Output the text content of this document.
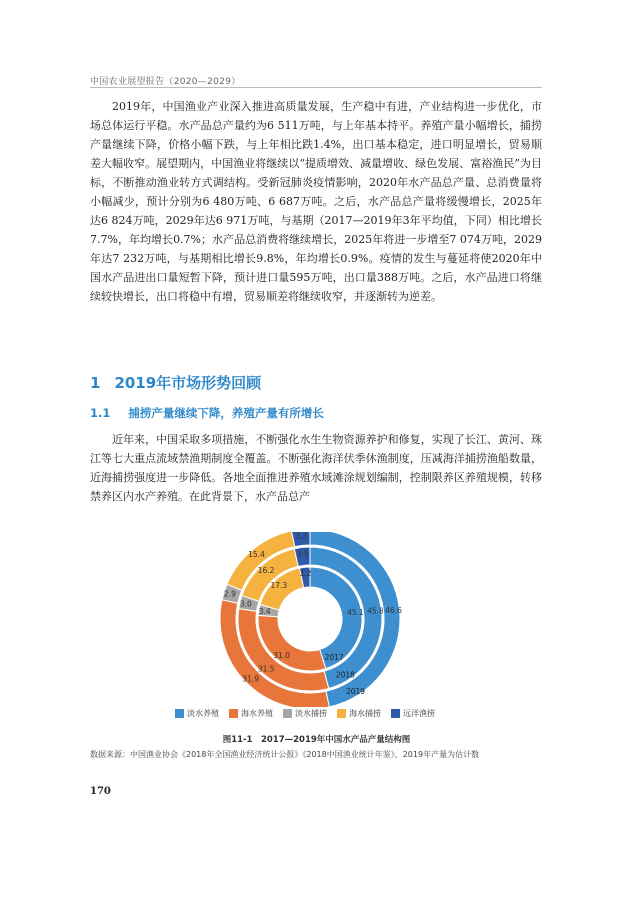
中国农业展望报告（2020—2029）

2019年，中国渔业产业深入推进高质量发展，生产稳中有进，产业结构进一步优化，市场总体运行平稳。水产品总产量约为6 511万吨，与上年基本持平。养殖产量小幅增长，捕捞产量继续下降，价格小幅下跌，与上年相比跌1.4%，出口基本稳定，进口明显增长，贸易顺差大幅收窄。展望期内，中国渔业将继续以“提质增效、减量增收、绿色发展、富裕渔民”为目标，不断推动渔业转方式调结构。受新冠肺炎疫情影响，2020年水产品总产量、总消费量将小幅减少，预计分别为6 480万吨、6 687万吨。之后，水产品总产量将缓慢增长，2025年达6 824万吨，2029年达6 971万吨，与基期（2017—2019年3年平均值，下同）相比增长7.7%，年均增长0.7%；水产品总消费将继续增长，2025年将进一步增至7 074万吨，2029年达7 232万吨，与基期相比增长9.8%，年均增长0.9%。疫情的发生与蔓延将使2020年中国水产品进出口量短暂下降，预计进口量595万吨，出口量388万吨。之后，水产品进口将继续较快增长，出口将稳中有增，贸易顺差将继续收窄，并逐渐转为逆差。

1 2019年市场形势回顾
1.1 捕捞产量继续下降，养殖产量有所增长

近年来，中国采取多项措施，不断强化水生生物资源养护和修复，实现了长江、黄河、珠江等七大重点流域禁渔期制度全覆盖。不断强化海洋伏季休渔制度，压减海洋捕捞渔船数量，近海捕捞强度进一步降低。各地全面推进养殖水域滩涂规划编制，控制限养区养殖规模，转移禁养区内水产养殖。在此背景下，水产品总产

45.1
31.0
3.4
17.3
3.2
2017
45.8
31.5
3.0
16.2
3.5
2018
46.6
31.9
2.9
15.4
3.3
2019
淡水养殖	海水养殖	淡水捕捞	海水捕捞	远洋渔捞
图11-1　2017—2019年中国水产品产量结构图
数据来源：中国渔业协会《2018年全国渔业经济统计公报》《2018中国渔业统计年鉴》，2019年产量为估计数
170
